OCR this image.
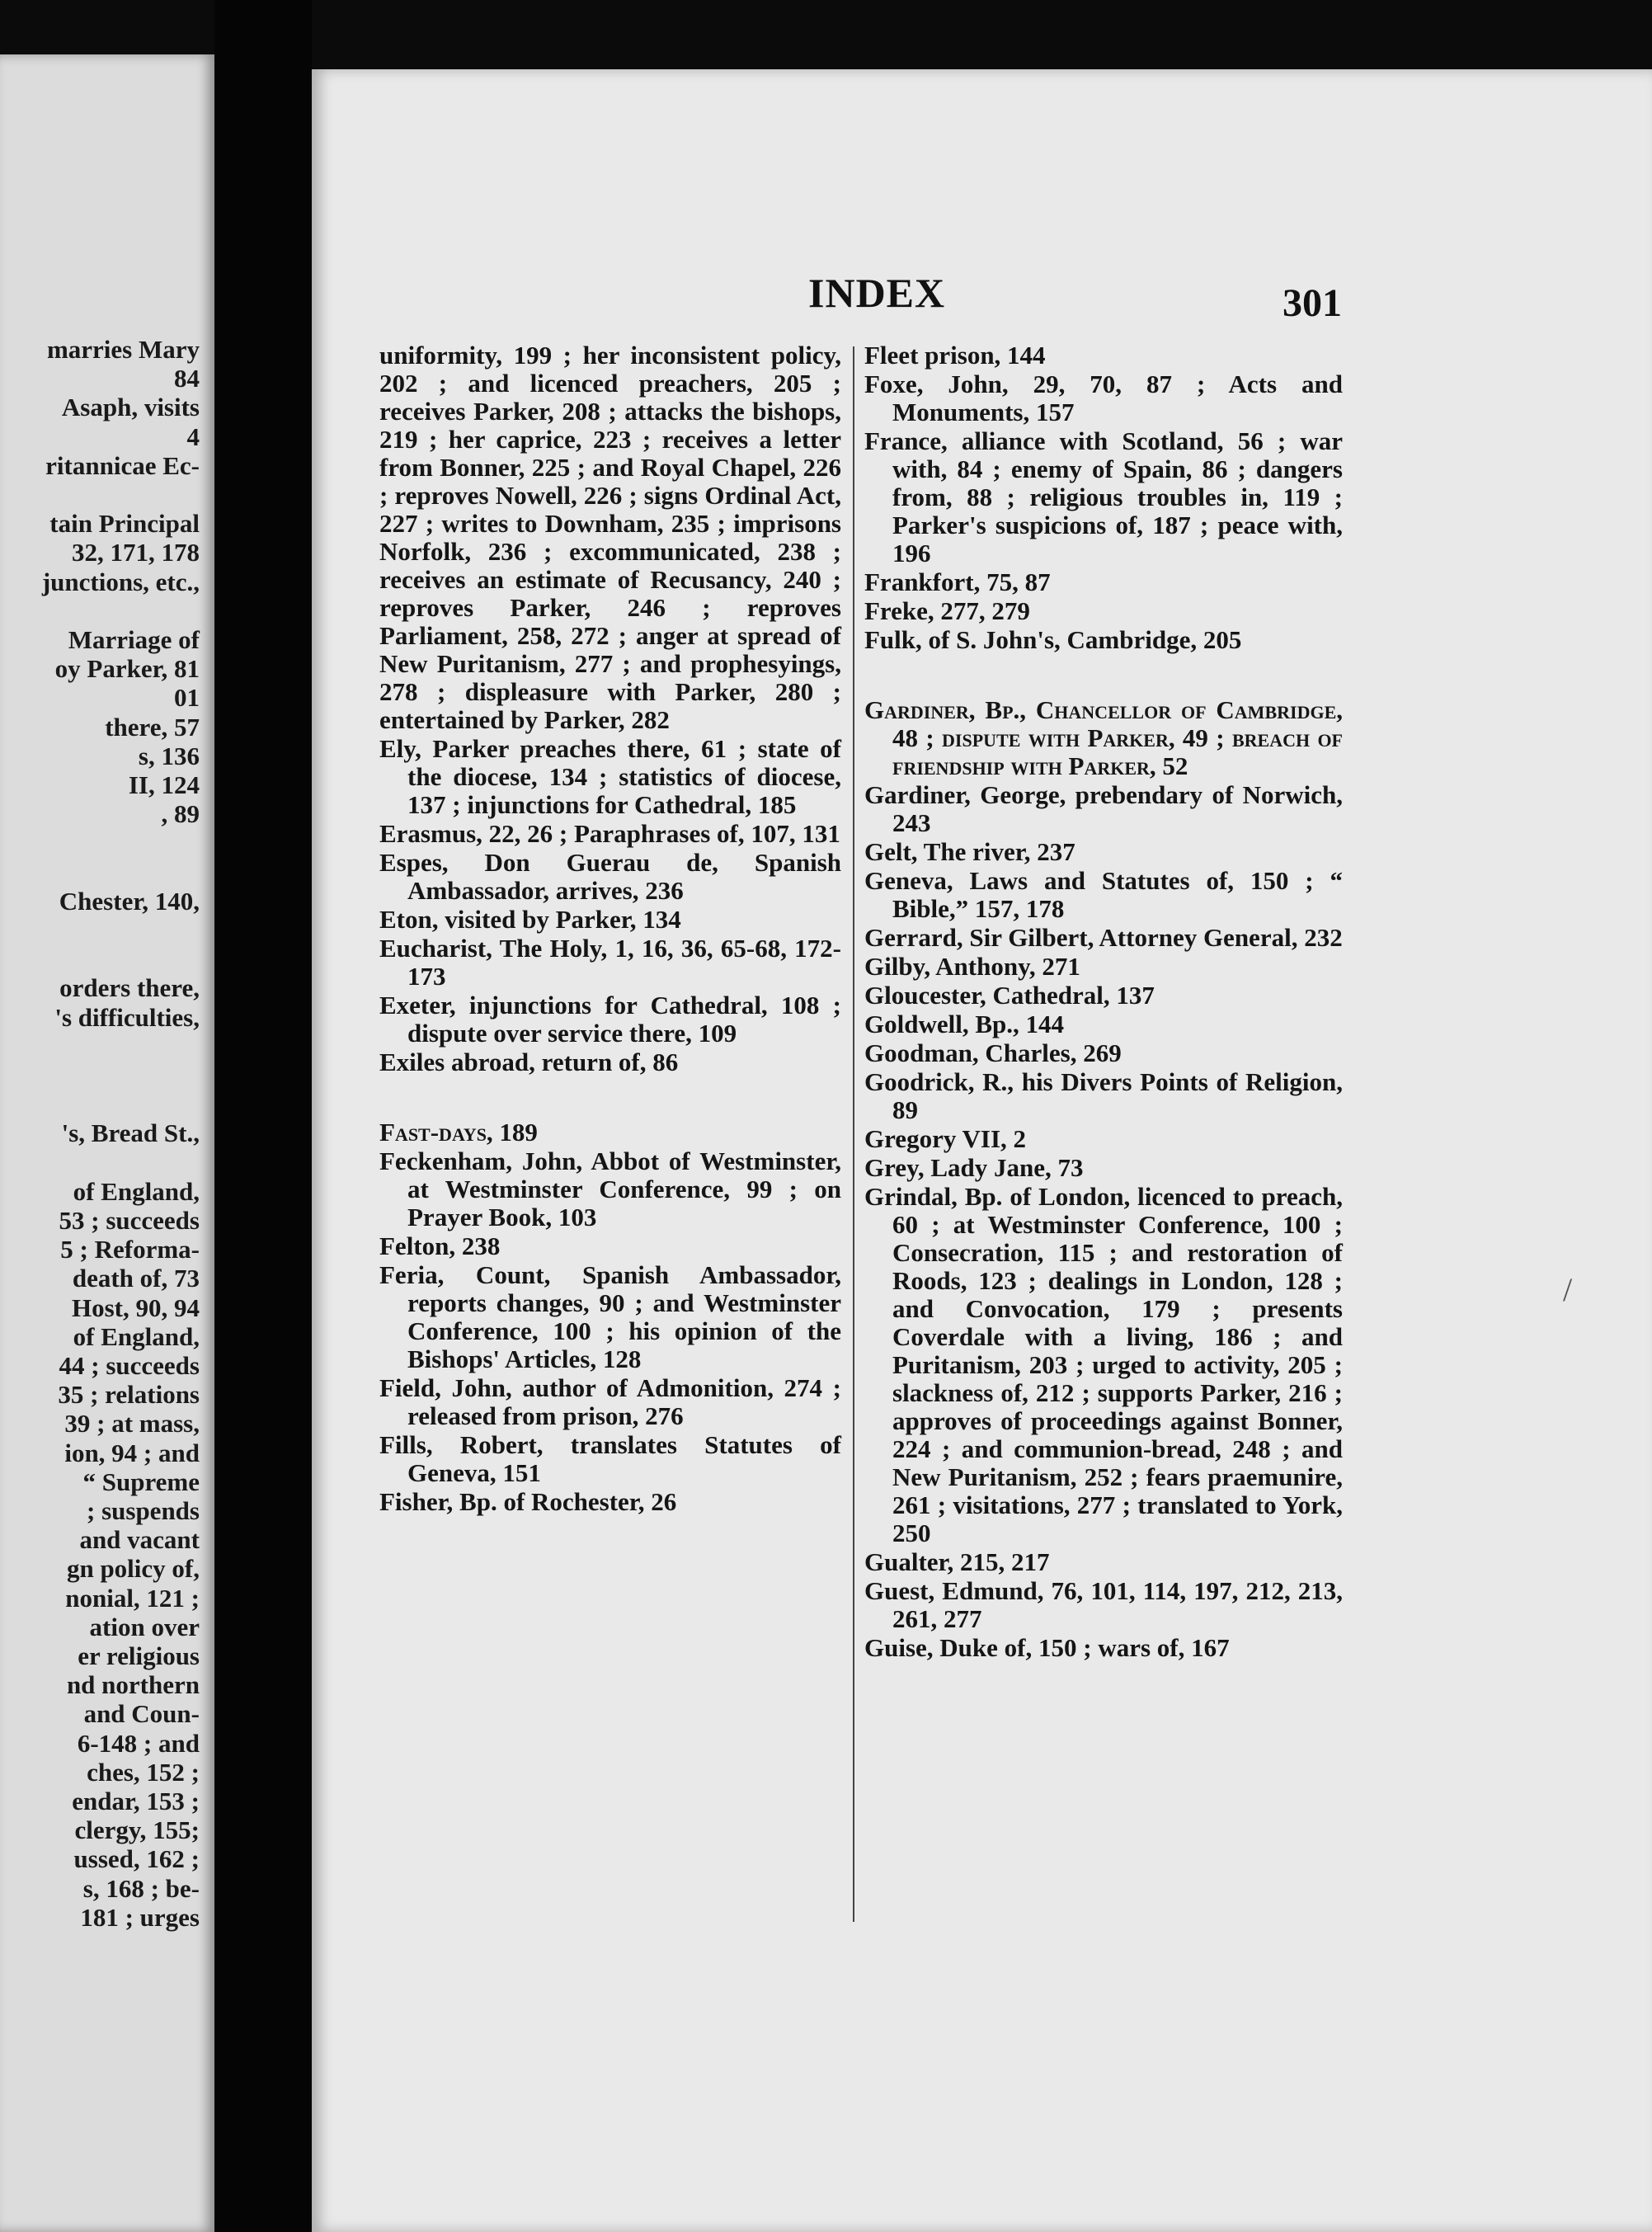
marries Mary
84
Asaph, visits
4
ritannicae Ec-
tain Principal
32, 171, 178
junctions, etc.,
Marriage of
oy Parker, 81
01
there, 57
s, 136
II, 124
, 89
Chester, 140,
orders there,
's difficulties,
's, Bread St.,
of England,
53 ; succeeds
5 ; Reforma-
death of, 73
Host, 90, 94
of England,
44 ; succeeds
35 ; relations
39 ; at mass,
ion, 94 ; and
“ Supreme
; suspends
and vacant
gn policy of,
nonial, 121 ;
ation over
er religious
nd northern
and Coun-
6-148 ; and
ches, 152 ;
endar, 153 ;
clergy, 155;
ussed, 162 ;
s, 168 ; be-
181 ; urges
INDEX	301
uniformity, 199 ; her inconsistent policy, 202 ; and licenced preachers, 205 ; receives Parker, 208 ; attacks the bishops, 219 ; her caprice, 223 ; receives a letter from Bonner, 225 ; and Royal Chapel, 226 ; reproves Nowell, 226 ; signs Ordinal Act, 227 ; writes to Downham, 235 ; imprisons Norfolk, 236 ; excommunicated, 238 ; receives an estimate of Recusancy, 240 ; reproves Parker, 246 ; reproves Parliament, 258, 272 ; anger at spread of New Puritanism, 277 ; and prophesyings, 278 ; displeasure with Parker, 280 ; entertained by Parker, 282
Ely, Parker preaches there, 61 ; state of the diocese, 134 ; statistics of diocese, 137 ; injunctions for Cathedral, 185
Erasmus, 22, 26 ; Paraphrases of, 107, 131
Espes, Don Guerau de, Spanish Ambassador, arrives, 236
Eton, visited by Parker, 134
Eucharist, The Holy, 1, 16, 36, 65-68, 172-173
Exeter, injunctions for Cathedral, 108 ; dispute over service there, 109
Exiles abroad, return of, 86
Fast-days, 189
Feckenham, John, Abbot of Westminster, at Westminster Conference, 99 ; on Prayer Book, 103
Felton, 238
Feria, Count, Spanish Ambassador, reports changes, 90 ; and Westminster Conference, 100 ; his opinion of the Bishops' Articles, 128
Field, John, author of Admonition, 274 ; released from prison, 276
Fills, Robert, translates Statutes of Geneva, 151
Fisher, Bp. of Rochester, 26
Fleet prison, 144
Foxe, John, 29, 70, 87 ; Acts and Monuments, 157
France, alliance with Scotland, 56 ; war with, 84 ; enemy of Spain, 86 ; dangers from, 88 ; religious troubles in, 119 ; Parker's suspicions of, 187 ; peace with, 196
Frankfort, 75, 87
Freke, 277, 279
Fulk, of S. John's, Cambridge, 205
Gardiner, Bp., Chancellor of Cambridge, 48 ; dispute with Parker, 49 ; breach of friendship with Parker, 52
Gardiner, George, prebendary of Norwich, 243
Gelt, The river, 237
Geneva, Laws and Statutes of, 150 ; “ Bible,” 157, 178
Gerrard, Sir Gilbert, Attorney General, 232
Gilby, Anthony, 271
Gloucester, Cathedral, 137
Goldwell, Bp., 144
Goodman, Charles, 269
Goodrick, R., his Divers Points of Religion, 89
Gregory VII, 2
Grey, Lady Jane, 73
Grindal, Bp. of London, licenced to preach, 60 ; at Westminster Conference, 100 ; Consecration, 115 ; and restoration of Roods, 123 ; dealings in London, 128 ; and Convocation, 179 ; presents Coverdale with a living, 186 ; and Puritanism, 203 ; urged to activity, 205 ; slackness of, 212 ; supports Parker, 216 ; approves of proceedings against Bonner, 224 ; and communion-bread, 248 ; and New Puritanism, 252 ; fears praemunire, 261 ; visitations, 277 ; translated to York, 250
Gualter, 215, 217
Guest, Edmund, 76, 101, 114, 197, 212, 213, 261, 277
Guise, Duke of, 150 ; wars of, 167
/
